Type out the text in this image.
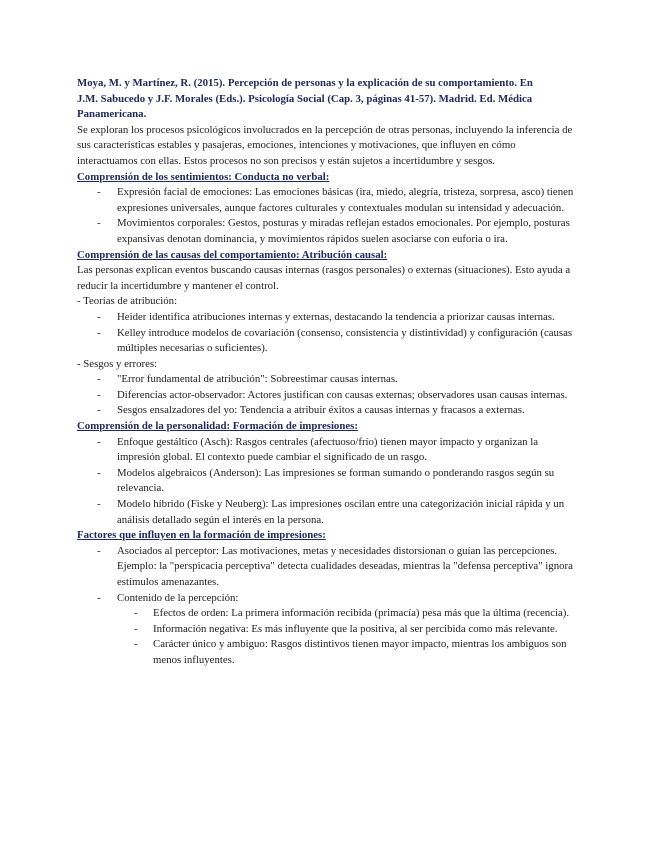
Moya, M. y Martínez, R. (2015). Percepción de personas y la explicación de su comportamiento. En
J.M. Sabucedo y J.F. Morales (Eds.). Psicología Social (Cap. 3, páginas 41-57). Madrid. Ed. Médica
Panamericana.

Se exploran los procesos psicológicos involucrados en la percepción de otras personas, incluyendo la inferencia de sus características estables y pasajeras, emociones, intenciones y motivaciones, que influyen en cómo interactuamos con ellas. Estos procesos no son precisos y están sujetos a incertidumbre y sesgos.

Comprensión de los sentimientos: Conducta no verbal:

- Expresión facial de emociones: Las emociones básicas (ira, miedo, alegría, tristeza, sorpresa, asco) tienen expresiones universales, aunque factores culturales y contextuales modulan su intensidad y adecuación.
- Movimientos corporales: Gestos, posturas y miradas reflejan estados emocionales. Por ejemplo, posturas expansivas denotan dominancia, y movimientos rápidos suelen asociarse con euforia o ira.

Comprensión de las causas del comportamiento: Atribución causal:

Las personas explican eventos buscando causas internas (rasgos personales) o externas (situaciones). Esto ayuda a reducir la incertidumbre y mantener el control.

- Teorías de atribución:

- Heider identifica atribuciones internas y externas, destacando la tendencia a priorizar causas internas.
- Kelley introduce modelos de covariación (consenso, consistencia y distintividad) y configuración (causas múltiples necesarias o suficientes).

- Sesgos y errores:

- "Error fundamental de atribución": Sobreestimar causas internas.
- Diferencias actor-observador: Actores justifican con causas externas; observadores usan causas internas.
- Sesgos ensalzadores del yo: Tendencia a atribuir éxitos a causas internas y fracasos a externas.

Comprensión de la personalidad: Formación de impresiones:

- Enfoque gestáltico (Asch): Rasgos centrales (afectuoso/frío) tienen mayor impacto y organizan la impresión global. El contexto puede cambiar el significado de un rasgo.
- Modelos algebraicos (Anderson): Las impresiones se forman sumando o ponderando rasgos según su relevancia.
- Modelo híbrido (Fiske y Neuberg): Las impresiones oscilan entre una categorización inicial rápida y un análisis detallado según el interés en la persona.

Factores que influyen en la formación de impresiones:

- Asociados al perceptor: Las motivaciones, metas y necesidades distorsionan o guían las percepciones. Ejemplo: la "perspicacia perceptiva" detecta cualidades deseadas, mientras la "defensa perceptiva" ignora estímulos amenazantes.
- Contenido de la percepción:
- Efectos de orden: La primera información recibida (primacía) pesa más que la última (recencia).
- Información negativa: Es más influyente que la positiva, al ser percibida como más relevante.
- Carácter único y ambiguo: Rasgos distintivos tienen mayor impacto, mientras los ambiguos son menos influyentes.
